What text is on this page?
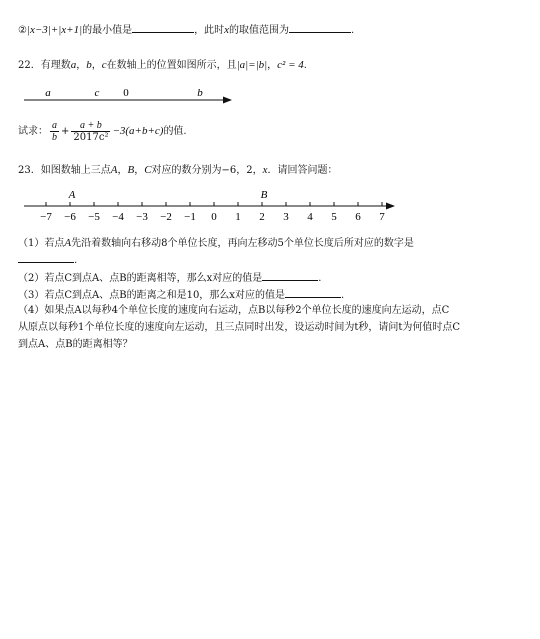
②|x−3|+|x+1|的最小值是	，此时x的取值范围为	.
22．有理数a，b，c在数轴上的位置如图所示，且|a|=|b|，c² = 4.
a	c 0	b
−7 −6 −5 −4 −3 −2 −1 0 1 2 3 4 5 6 7
A	B
试求： $\frac{a}{b} + \frac{a + b}{\text{2017c²}} -3(a+b+c)$的值.
23．如图数轴上三点A，B，C对应的数分别为−6，2，x．请回答问题：
（1）若点A先沿着数轴向右移动8个单位长度，再向左移动5个单位长度后所对应的数字是
.
（2）若点C到点A、点B的距离相等，那么x对应的值是	.
（3）若点C到点A、点B的距离之和是10，那么x对应的值是	.
（4）如果点A以每秒4个单位长度的速度向右运动，点B以每秒2个单位长度的速度向左运动，点C
从原点以每秒1个单位长度的速度向左运动，且三点同时出发，设运动时间为t秒，请问t为何值时点C
到点A、点B的距离相等？
